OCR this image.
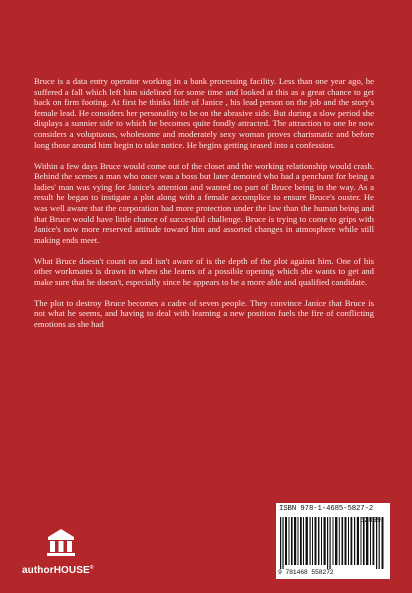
Bruce is a data entry operator working in a bank processing facility. Less than one year ago, he suffered a fall which left him sidelined for some time and looked at this as a great chance to get back on firm footing. At first he thinks little of Janice , his lead person on the job and the story's female lead. He considers her personality to be on the abrasive side. But during a slow period she displays a sunnier side to which he becomes quite fondly attracted. The attraction to one he now considers a voluptuous, wholesome and moderately sexy woman proves charismatic and before long those around him begin to take notice. He begins getting teased into a confession.

Within a few days Bruce would come out of the closet and the working relationship would crash. Behind the scenes a man who once was a boss but later demoted who had a penchant for being a ladies' man was vying for Janice's attention and wanted no part of Bruce being in the way. As a result he began to instigate a plot along with a female accomplice to ensure Bruce's ouster. He was well aware that the corporation had more protection under the law than the human being and that Bruce would have little chance of successful challenge. Bruce is trying to come to grips with Janice's now more reserved attitude toward him and assorted changes in atmosphere while still making ends meet.

What Bruce doesn't count on and isn't aware of is the depth of the plot against him. One of his other workmates is drawn in when she learns of a possible opening which she wants to get and make sure that he doesn't, especially since he appears to be a more able and qualified candidate.

The plot to destroy Bruce becomes a cadre of seven people. They convince Janice that Bruce is not what he seems, and having to deal with learning a new position fuels the fire of conflicting emotions as she had

authorHOUSE®
ISBN 978-1-4685-5827-2
52899
9 781468 558272
